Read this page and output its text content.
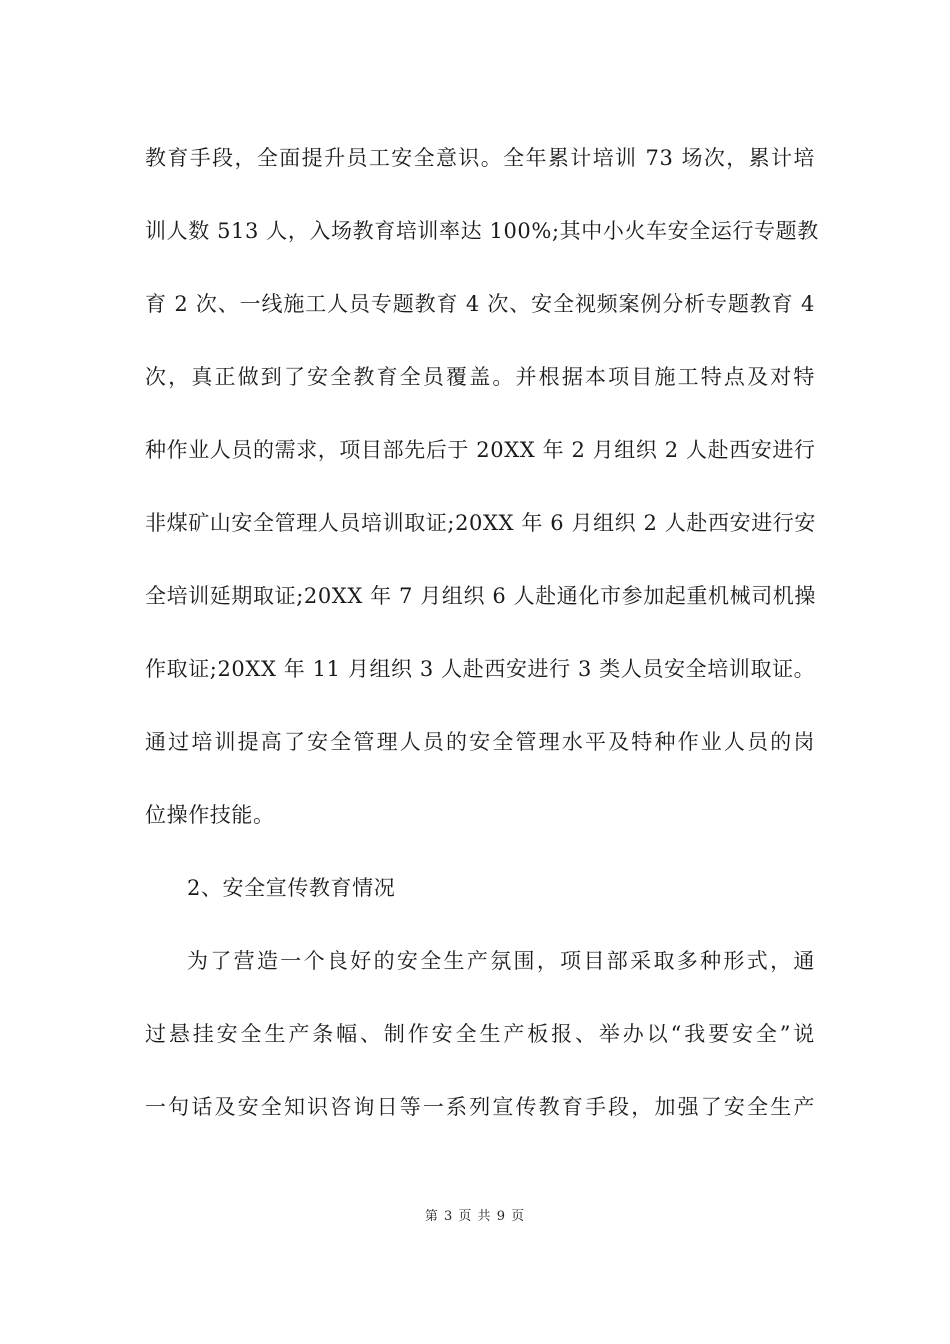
教育手段，全面提升员工安全意识。全年累计培训 73 场次，累计培
训人数 513 人，入场教育培训率达 100%;其中小火车安全运行专题教
育 2 次、一线施工人员专题教育 4 次、安全视频案例分析专题教育 4
次，真正做到了安全教育全员覆盖。并根据本项目施工特点及对特
种作业人员的需求，项目部先后于 20XX 年 2 月组织 2 人赴西安进行
非煤矿山安全管理人员培训取证;20XX 年 6 月组织 2 人赴西安进行安
全培训延期取证;20XX 年 7 月组织 6 人赴通化市参加起重机械司机操
作取证;20XX 年 11 月组织 3 人赴西安进行 3 类人员安全培训取证。
通过培训提高了安全管理人员的安全管理水平及特种作业人员的岗
位操作技能。
2、安全宣传教育情况
为了营造一个良好的安全生产氛围，项目部采取多种形式，通
过悬挂安全生产条幅、制作安全生产板报、举办以“我要安全”说
一句话及安全知识咨询日等一系列宣传教育手段，加强了安全生产
第 3 页 共 9 页
